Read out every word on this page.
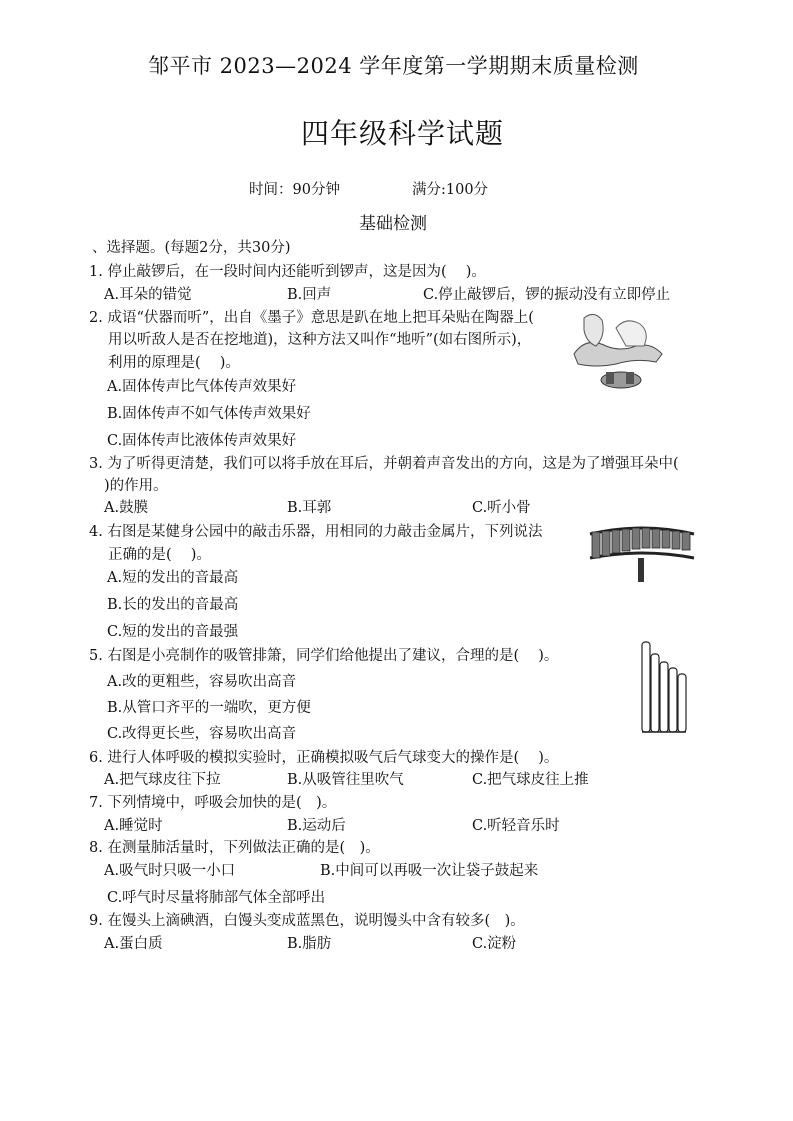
邹平市 2023—2024 学年度第一学期期末质量检测
四年级科学试题
时间：90分钟	满分:100分
基础检测
、选择题。(每题2分，共30分)
1. 停止敲锣后，在一段时间内还能听到锣声，这是因为(　 )。
A.耳朵的错觉	B.回声	C.停止敲锣后，锣的振动没有立即停止
2. 成语“伏器而听”，出自《墨子》意思是趴在地上把耳朵贴在陶器上(
用以听敌人是否在挖地道)，这种方法又叫作“地听”(如右图所示)，
利用的原理是(　 )。
A.固体传声比气体传声效果好
B.固体传声不如气体传声效果好
C.固体传声比液体传声效果好
3. 为了听得更清楚，我们可以将手放在耳后，并朝着声音发出的方向，这是为了增强耳朵中(
)的作用。
A.鼓膜	B.耳郭	C.听小骨
4. 右图是某健身公园中的敲击乐器，用相同的力敲击金属片，下列说法
正确的是(　 )。
A.短的发出的音最高
B.长的发出的音最高
C.短的发出的音最强
5. 右图是小亮制作的吸管排箫，同学们给他提出了建议，合理的是(　 )。
A.改的更粗些，容易吹出高音
B.从管口齐平的一端吹，更方便
C.改得更长些，容易吹出高音
6. 进行人体呼吸的模拟实验时，正确模拟吸气后气球变大的操作是(　 )。
A.把气球皮往下拉	B.从吸管往里吹气	C.把气球皮往上推
7. 下列情境中，呼吸会加快的是(　)。
A.睡觉时	B.运动后	C.听轻音乐时
8. 在测量肺活量时，下列做法正确的是(　)。
A.吸气时只吸一小口	B.中间可以再吸一次让袋子鼓起来
C.呼气时尽量将肺部气体全部呼出
9. 在馒头上滴碘酒，白馒头变成蓝黑色，说明馒头中含有较多(　)。
A.蛋白质	B.脂肪	C.淀粉
